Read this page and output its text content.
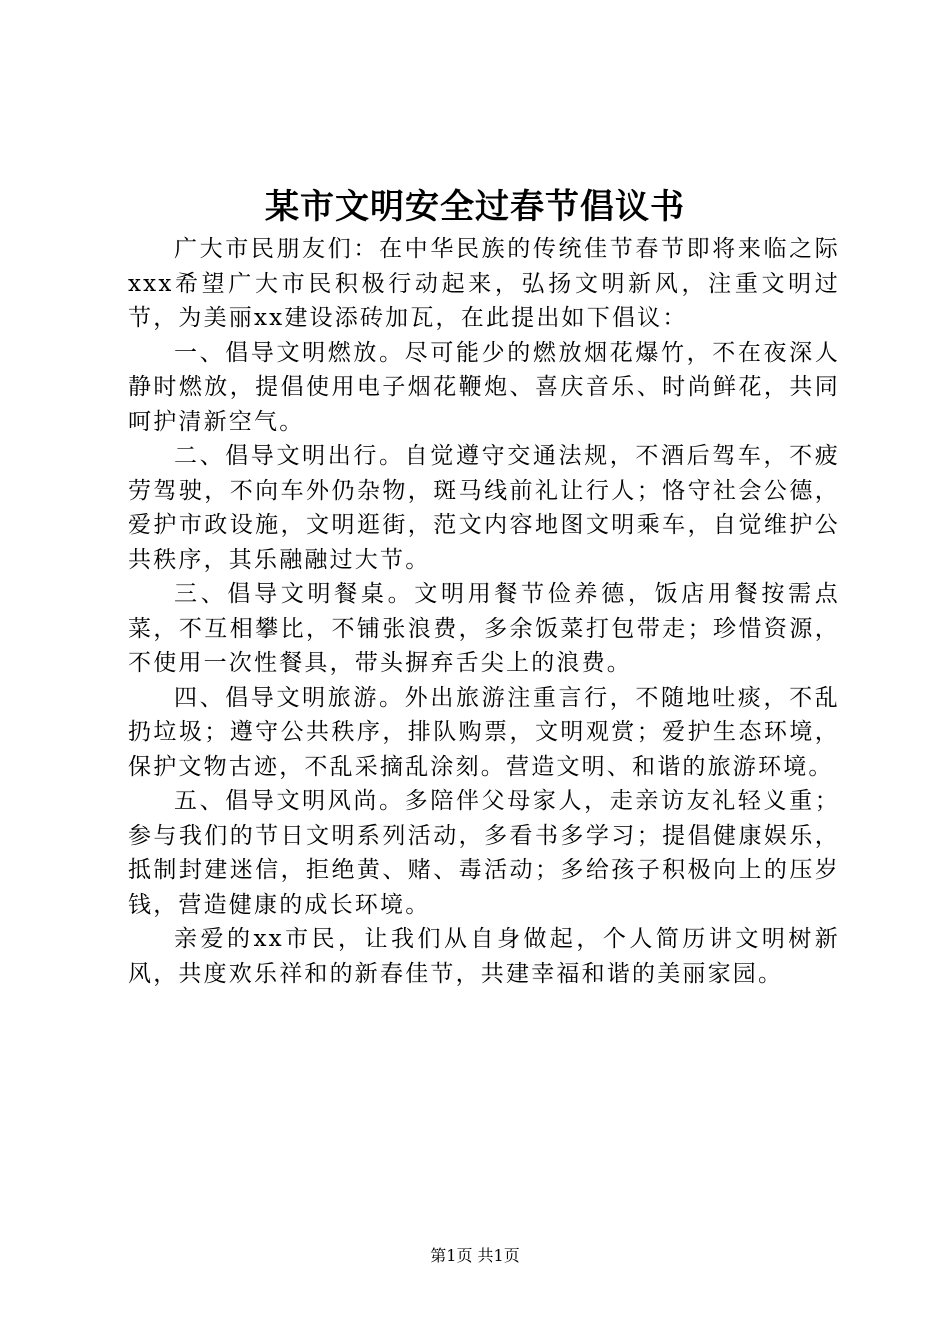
某市文明安全过春节倡议书

广大市民朋友们：在中华民族的传统佳节春节即将来临之际xxx希望广大市民积极行动起来，弘扬文明新风，注重文明过节，为美丽xx建设添砖加瓦，在此提出如下倡议：

一、倡导文明燃放。尽可能少的燃放烟花爆竹，不在夜深人静时燃放，提倡使用电子烟花鞭炮、喜庆音乐、时尚鲜花，共同呵护清新空气。

二、倡导文明出行。自觉遵守交通法规，不酒后驾车，不疲劳驾驶，不向车外仍杂物，斑马线前礼让行人；恪守社会公德，爱护市政设施，文明逛街，范文内容地图文明乘车，自觉维护公共秩序，其乐融融过大节。

三、倡导文明餐桌。文明用餐节俭养德，饭店用餐按需点菜，不互相攀比，不铺张浪费，多余饭菜打包带走；珍惜资源，不使用一次性餐具，带头摒弃舌尖上的浪费。

四、倡导文明旅游。外出旅游注重言行，不随地吐痰，不乱扔垃圾；遵守公共秩序，排队购票，文明观赏；爱护生态环境，保护文物古迹，不乱采摘乱涂刻。营造文明、和谐的旅游环境。

五、倡导文明风尚。多陪伴父母家人，走亲访友礼轻义重；参与我们的节日文明系列活动，多看书多学习；提倡健康娱乐，抵制封建迷信，拒绝黄、赌、毒活动；多给孩子积极向上的压岁钱，营造健康的成长环境。

亲爱的xx市民，让我们从自身做起，个人简历讲文明树新风，共度欢乐祥和的新春佳节，共建幸福和谐的美丽家园。

第1页 共1页
